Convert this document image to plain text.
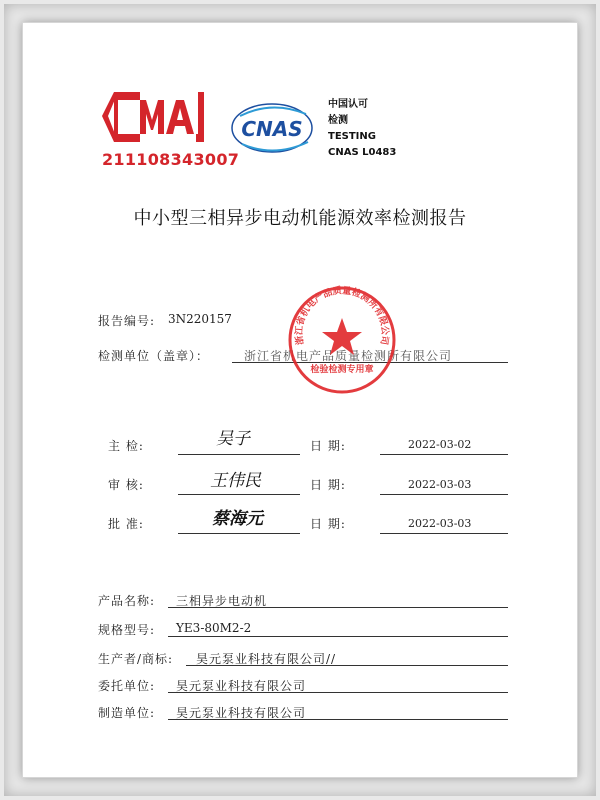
211108343007
CNAS
中国认可
检测
TESTING
CNAS L0483
中小型三相异步电动机能源效率检测报告
报告编号: 3N220157
检测单位（盖章）：	浙江省机电产品质量检测所有限公司
浙江省机电产品质量检测所有限公司
检验检测专用章
主 检:	吴子	日 期:	2022-03-02
审 核:	王伟民	日 期:	2022-03-03
批 准:	蔡海元	日 期:	2022-03-03
产品名称: 三相异步电动机
规格型号: YE3-80M2-2
生产者/商标: 昊元泵业科技有限公司//
委托单位: 昊元泵业科技有限公司
制造单位: 昊元泵业科技有限公司
